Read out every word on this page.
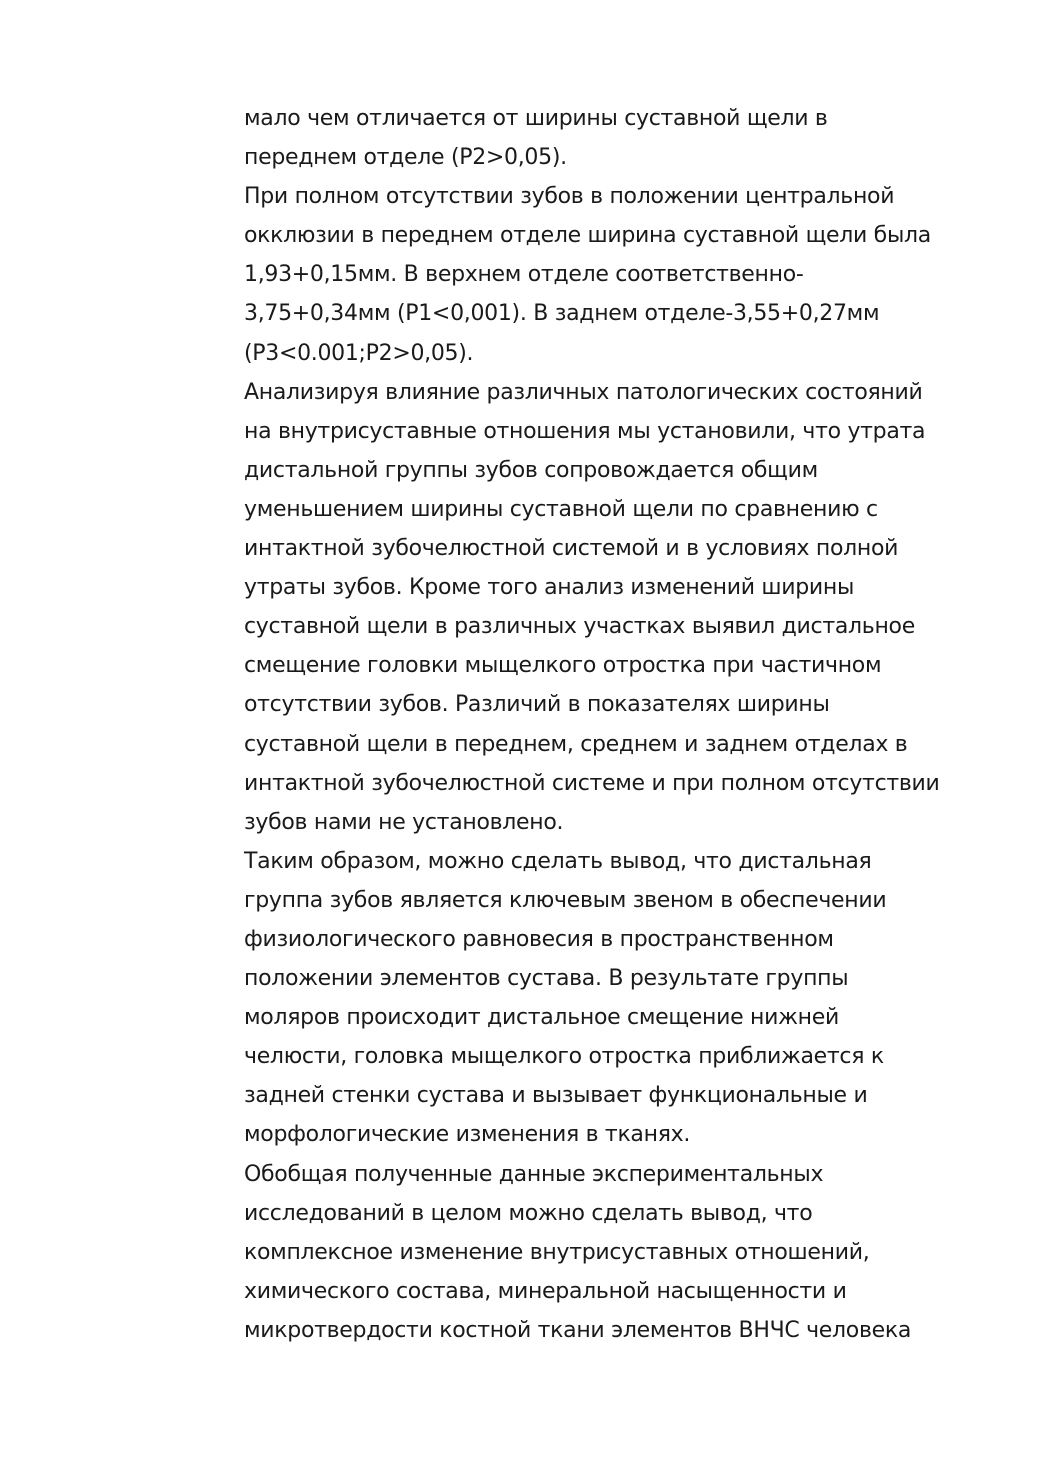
мало чем отличается от ширины суставной щели в
переднем отделе (P2>0,05).
При полном отсутствии зубов в положении центральной
окклюзии в переднем отделе ширина суставной щели была
1,93+0,15мм. В верхнем отделе соответственно-
3,75+0,34мм (P1<0,001). В заднем отделе-3,55+0,27мм
(P3<0.001;P2>0,05).
Анализируя влияние различных патологических состояний
на внутрисуставные отношения мы установили, что утрата
дистальной группы зубов сопровождается общим
уменьшением ширины суставной щели по сравнению с
интактной зубочелюстной системой и в условиях полной
утраты зубов. Кроме того анализ изменений ширины
суставной щели в различных участках выявил дистальное
смещение головки мыщелкого отростка при частичном
отсутствии зубов. Различий в показателях ширины
суставной щели в переднем, среднем и заднем отделах в
интактной зубочелюстной системе и при полном отсутствии
зубов нами не установлено.
Таким образом, можно сделать вывод, что дистальная
группа зубов является ключевым звеном в обеспечении
физиологического равновесия в пространственном
положении элементов сустава. В результате группы
моляров происходит дистальное смещение нижней
челюсти, головка мыщелкого отростка приближается к
задней стенки сустава и вызывает функциональные и
морфологические изменения в тканях.
Обобщая полученные данные экспериментальных
исследований в целом можно сделать вывод, что
комплексное изменение внутрисуставных отношений,
химического состава, минеральной насыщенности и
микротвердости костной ткани элементов ВНЧС человека
